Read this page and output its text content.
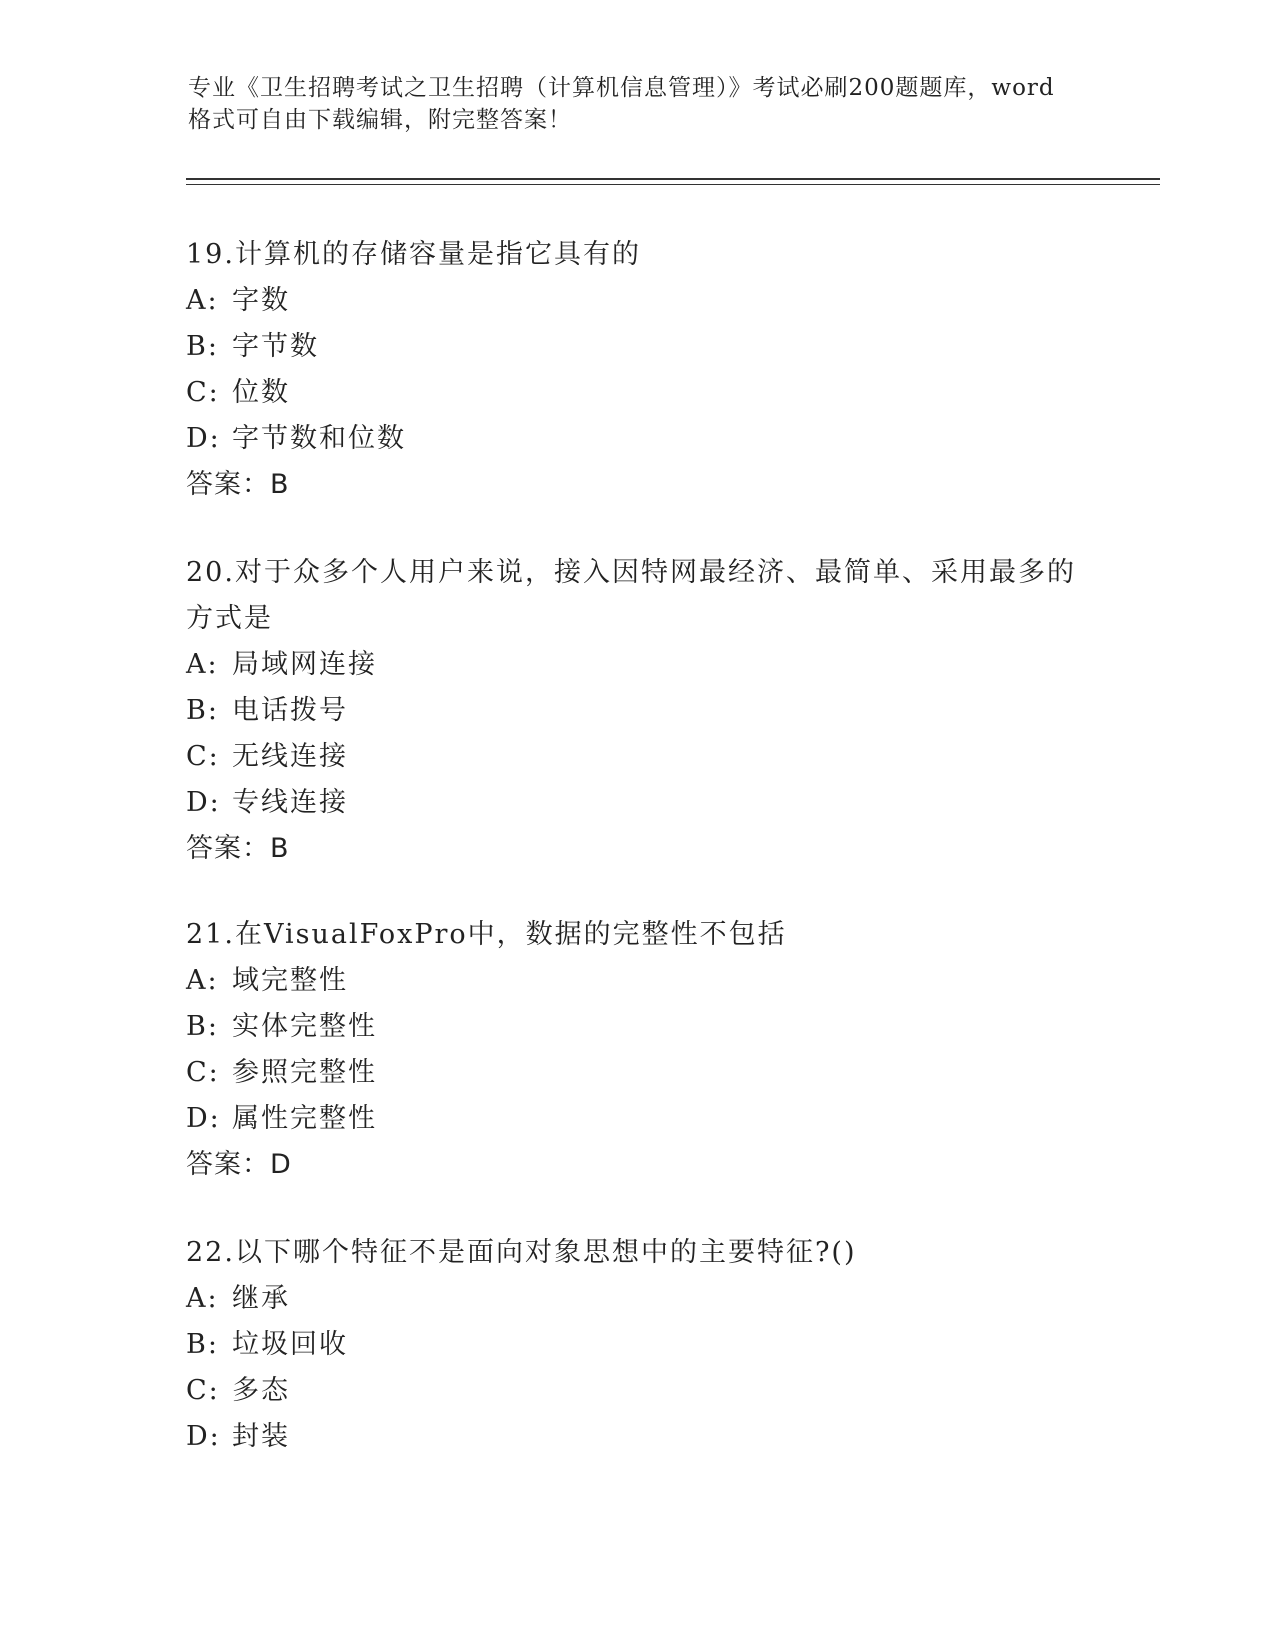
专业《卫生招聘考试之卫生招聘（计算机信息管理）》考试必刷200题题库，word
格式可自由下载编辑，附完整答案！
19.计算机的存储容量是指它具有的
A: 字数
B: 字节数
C: 位数
D: 字节数和位数
答案：B
20.对于众多个人用户来说，接入因特网最经济、最简单、采用最多的
方式是
A: 局域网连接
B: 电话拨号
C: 无线连接
D: 专线连接
答案：B
21.在VisualFoxPro中，数据的完整性不包括
A: 域完整性
B: 实体完整性
C: 参照完整性
D: 属性完整性
答案：D
22.以下哪个特征不是面向对象思想中的主要特征?()
A: 继承
B: 垃圾回收
C: 多态
D: 封装
